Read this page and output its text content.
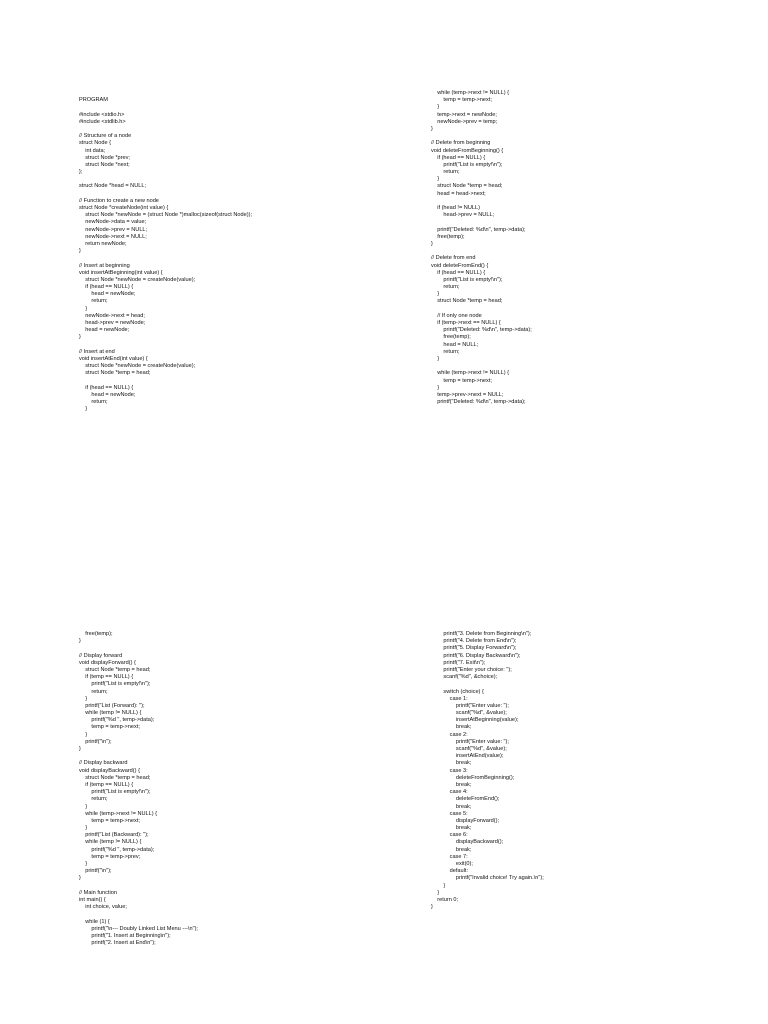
PROGRAM
#include <stdio.h>
#include <stdlib.h>
// Structure of a node
struct Node {
int data;
struct Node *prev;
struct Node *next;
};
struct Node *head = NULL;
// Function to create a new node
struct Node *createNode(int value) {
struct Node *newNode = (struct Node *)malloc(sizeof(struct Node));
newNode->data = value;
newNode->prev = NULL;
newNode->next = NULL;
return newNode;
}
// Insert at beginning
void insertAtBeginning(int value) {
struct Node *newNode = createNode(value);
if (head == NULL) {
head = newNode;
return;
}
newNode->next = head;
head->prev = newNode;
head = newNode;
}
// Insert at end
void insertAtEnd(int value) {
struct Node *newNode = createNode(value);
struct Node *temp = head;
if (head == NULL) {
head = newNode;
return;
}
while (temp->next != NULL) {
temp = temp->next;
}
temp->next = newNode;
newNode->prev = temp;
}
// Delete from beginning
void deleteFromBeginning() {
if (head == NULL) {
printf("List is empty!\n");
return;
}
struct Node *temp = head;
head = head->next;
if (head != NULL)
head->prev = NULL;
printf("Deleted: %d\n", temp->data);
free(temp);
}
// Delete from end
void deleteFromEnd() {
if (head == NULL) {
printf("List is empty!\n");
return;
}
struct Node *temp = head;
// If only one node
if (temp->next == NULL) {
printf("Deleted: %d\n", temp->data);
free(temp);
head = NULL;
return;
}
while (temp->next != NULL) {
temp = temp->next;
}
temp->prev->next = NULL;
printf("Deleted: %d\n", temp->data);
free(temp);
}
// Display forward
void displayForward() {
struct Node *temp = head;
if (temp == NULL) {
printf("List is empty!\n");
return;
}
printf("List (Forward): ");
while (temp != NULL) {
printf("%d ", temp->data);
temp = temp->next;
}
printf("\n");
}
// Display backward
void displayBackward() {
struct Node *temp = head;
if (temp == NULL) {
printf("List is empty!\n");
return;
}
while (temp->next != NULL) {
temp = temp->next;
}
printf("List (Backward): ");
while (temp != NULL) {
printf("%d ", temp->data);
temp = temp->prev;
}
printf("\n");
}
// Main function
int main() {
int choice, value;
while (1) {
printf("\n--- Doubly Linked List Menu ---\n");
printf("1. Insert at Beginning\n");
printf("2. Insert at End\n");
printf("3. Delete from Beginning\n");
printf("4. Delete from End\n");
printf("5. Display Forward\n");
printf("6. Display Backward\n");
printf("7. Exit\n");
printf("Enter your choice: ");
scanf("%d", &choice);
switch (choice) {
case 1:
printf("Enter value: ");
scanf("%d", &value);
insertAtBeginning(value);
break;
case 2:
printf("Enter value: ");
scanf("%d", &value);
insertAtEnd(value);
break;
case 3:
deleteFromBeginning();
break;
case 4:
deleteFromEnd();
break;
case 5:
displayForward();
break;
case 6:
displayBackward();
break;
case 7:
exit(0);
default:
printf("Invalid choice! Try again.\n");
}
}
return 0;
}
